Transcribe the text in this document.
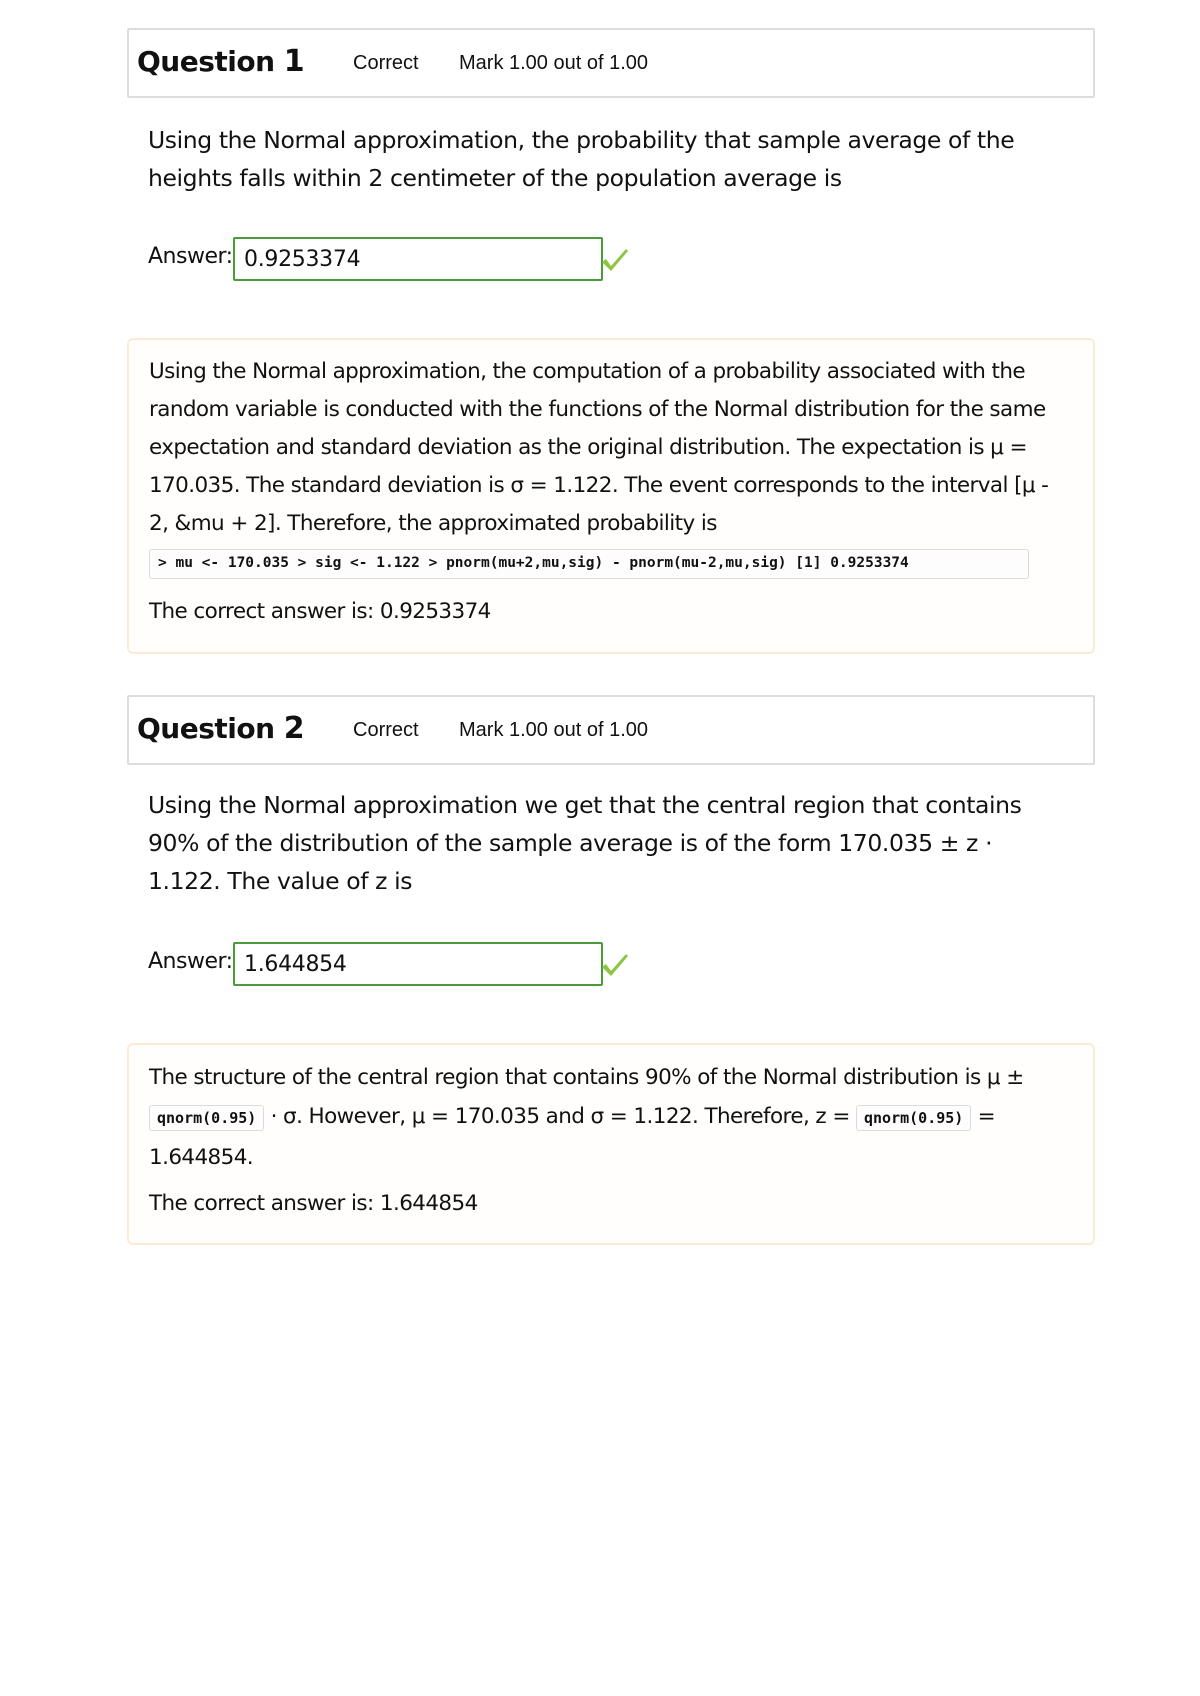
Question 1 Correct Mark 1.00 out of 1.00
Using the Normal approximation, the probability that sample average of the heights falls within 2 centimeter of the population average is
Answer: 0.9253374
Using the Normal approximation, the computation of a probability associated with the random variable is conducted with the functions of the Normal distribution for the same expectation and standard deviation as the original distribution. The expectation is μ = 170.035. The standard deviation is σ = 1.122. The event corresponds to the interval [μ - 2, &mu + 2]. Therefore, the approximated probability is
> mu <- 170.035 > sig <- 1.122 > pnorm(mu+2,mu,sig) - pnorm(mu-2,mu,sig) [1] 0.9253374
The correct answer is: 0.9253374
Question 2 Correct Mark 1.00 out of 1.00
Using the Normal approximation we get that the central region that contains 90% of the distribution of the sample average is of the form 170.035 ± z · 1.122. The value of z is
Answer: 1.644854
The structure of the central region that contains 90% of the Normal distribution is μ ±
qnorm(0.95) · σ. However, μ = 170.035 and σ = 1.122. Therefore, z = qnorm(0.95) =
1.644854.
The correct answer is: 1.644854
